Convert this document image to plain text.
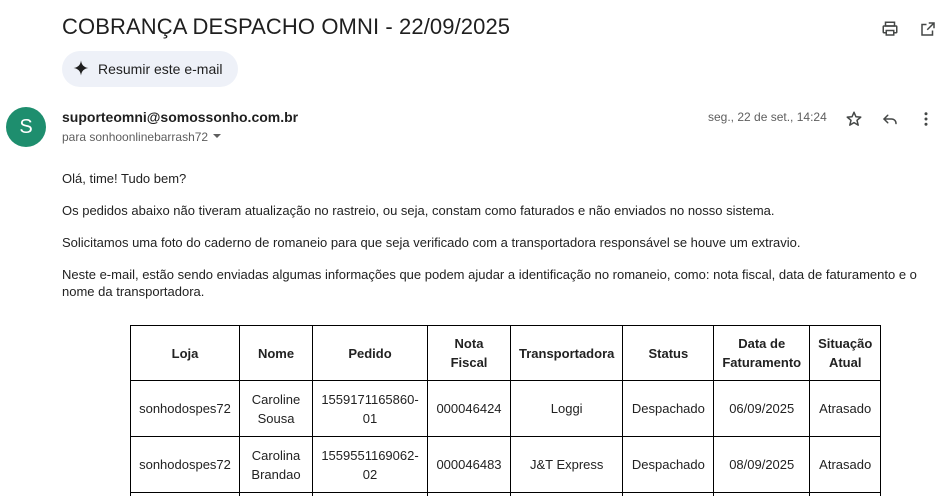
COBRANÇA DESPACHO OMNI - 22/09/2025
Resumir este e-mail
S	suporteomni@somossonho.com.br
para sonhoonlinebarrash72
seg., 22 de set., 14:24

Olá, time! Tudo bem?

Os pedidos abaixo não tiveram atualização no rastreio, ou seja, constam como faturados e não enviados no nosso sistema.

Solicitamos uma foto do caderno de romaneio para que seja verificado com a transportadora responsável se houve um extravio.

Neste e-mail, estão sendo enviadas algumas informações que podem ajudar a identificação no romaneio, como: nota fiscal, data de faturamento e o nome da transportadora.

Loja	Nome	Pedido	Nota Fiscal	Transportadora	Status	Data de Faturamento	Situação Atual
sonhodospes72	Caroline Sousa	1559171165860-01	000046424	Loggi	Despachado	06/09/2025	Atrasado
sonhodospes72	Carolina Brandao	1559551169062-02	000046483	J&T Express	Despachado	08/09/2025	Atrasado
